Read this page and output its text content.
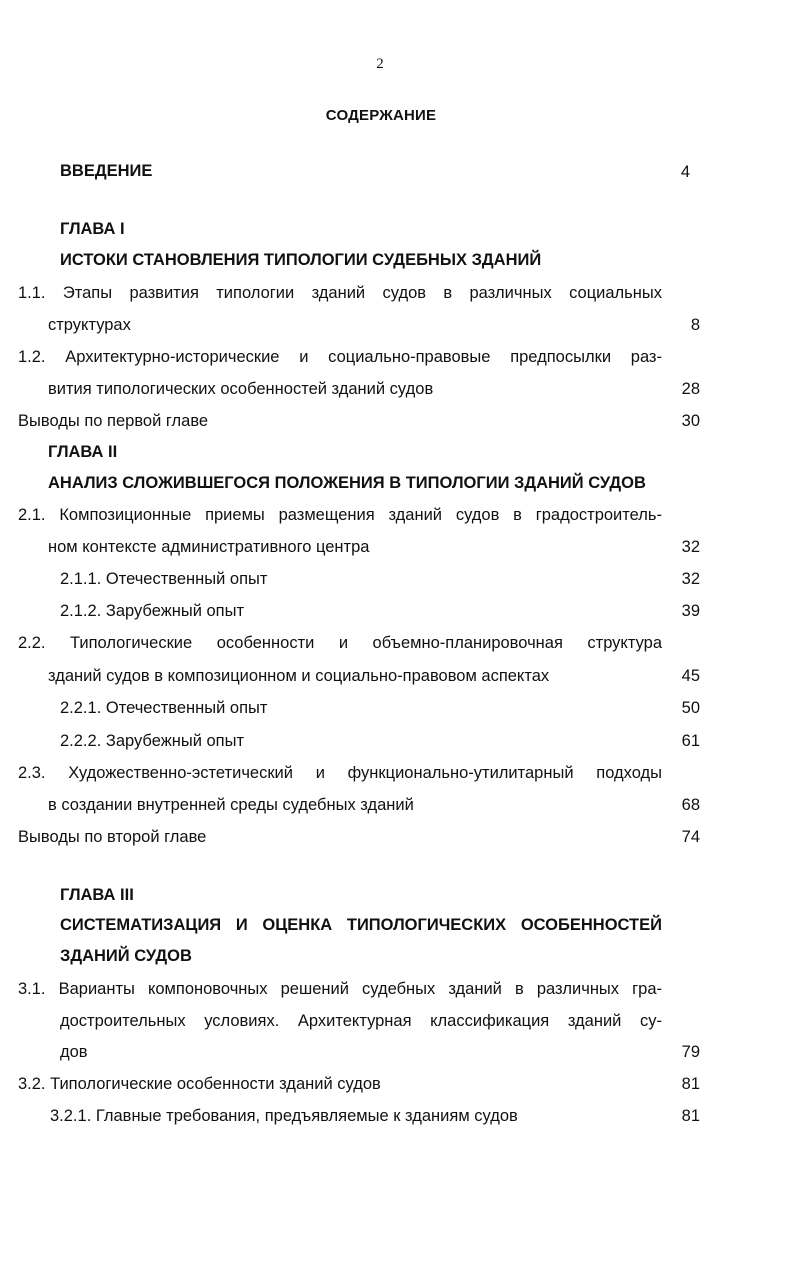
2
СОДЕРЖАНИЕ
ВВЕДЕНИЕ	4
ГЛАВА I
ИСТОКИ СТАНОВЛЕНИЯ ТИПОЛОГИИ СУДЕБНЫХ ЗДАНИЙ
1.1. Этапы развития типологии зданий судов в различных социальных
структурах	8
1.2. Архитектурно-исторические и социально-правовые предпосылки раз-
вития типологических особенностей зданий судов	28
Выводы по первой главе	30
ГЛАВА II
АНАЛИЗ СЛОЖИВШЕГОСЯ ПОЛОЖЕНИЯ В ТИПОЛОГИИ ЗДАНИЙ СУДОВ
2.1. Композиционные приемы размещения зданий судов в градостроитель-
ном контексте административного центра	32
2.1.1. Отечественный опыт	32
2.1.2. Зарубежный опыт	39
2.2. Типологические особенности и объемно-планировочная структура
зданий судов в композиционном и социально-правовом аспектах	45
2.2.1. Отечественный опыт	50
2.2.2. Зарубежный опыт	61
2.3. Художественно-эстетический и функционально-утилитарный подходы
в создании внутренней среды судебных зданий	68
Выводы по второй главе	74
ГЛАВА III
СИСТЕМАТИЗАЦИЯ И ОЦЕНКА ТИПОЛОГИЧЕСКИХ ОСОБЕННОСТЕЙ
ЗДАНИЙ СУДОВ
3.1. Варианты компоновочных решений судебных зданий в различных гра-
достроительных условиях. Архитектурная классификация зданий су-
дов	79
3.2. Типологические особенности зданий судов	81
3.2.1. Главные требования, предъявляемые к зданиям судов	81
